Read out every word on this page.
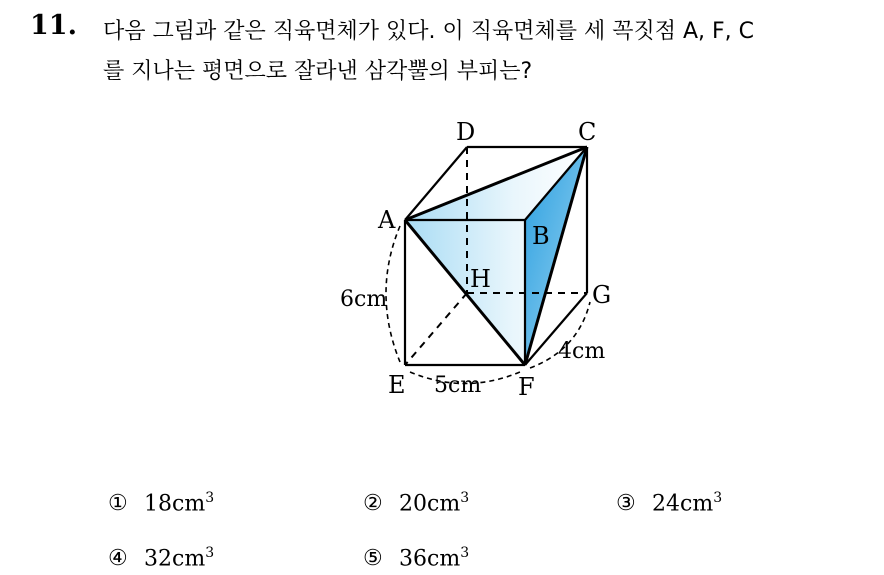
11. 다음 그림과 같은 직육면체가 있다. 이 직육면체를 세 꼭짓점 A, F, C
를 지나는 평면으로 잘라낸 삼각뿔의 부피는?
D	C
A
B
H
G
E	F
6cm
5cm
4cm
① $18cm^3$	② $20cm^3$	③ $24cm^3$
④ $32cm^3$	⑤ $36cm^3$
